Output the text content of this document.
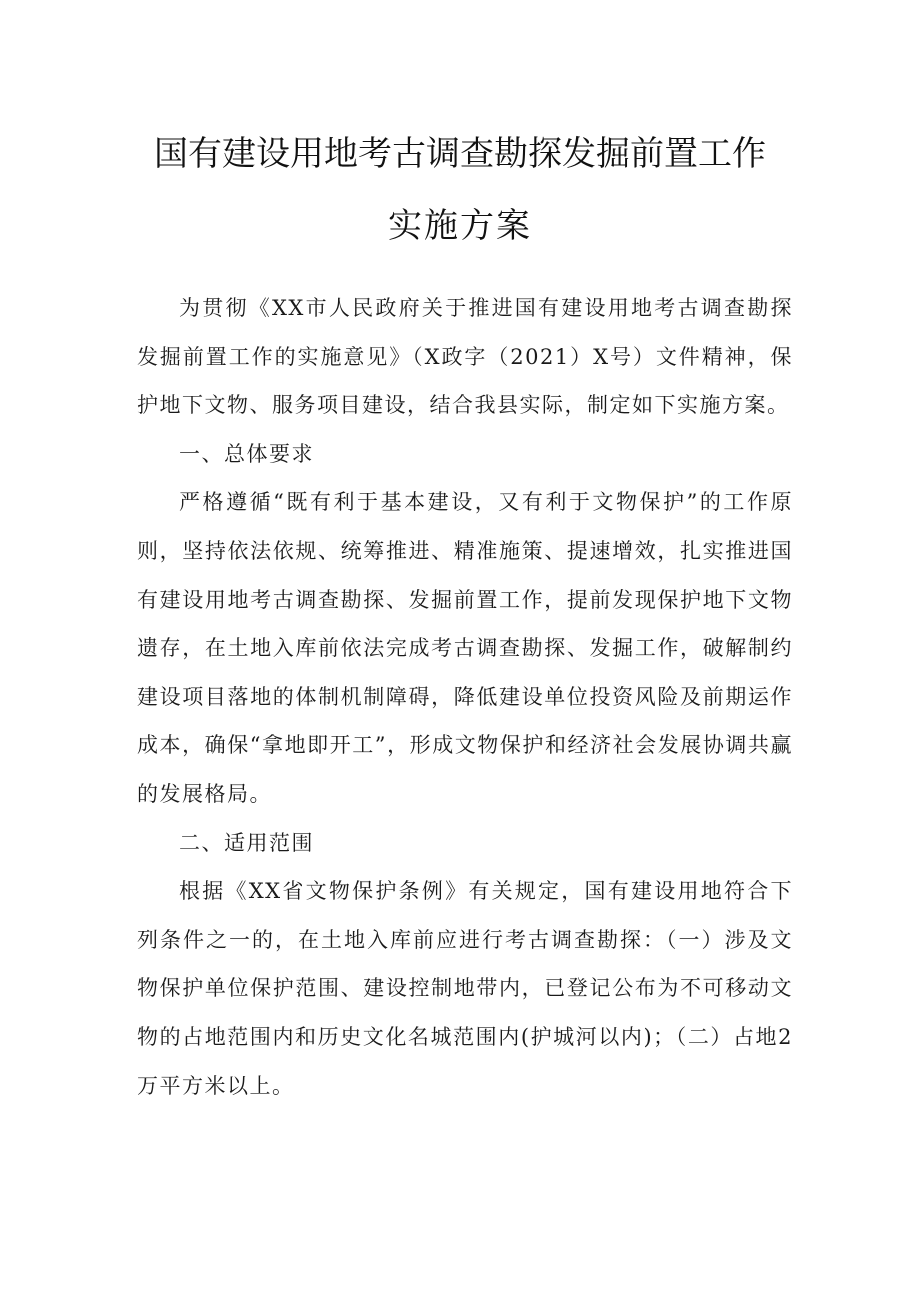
国有建设用地考古调查勘探发掘前置工作
实施方案

为贯彻《XX市人民政府关于推进国有建设用地考古调查勘探发掘前置工作的实施意见》（X政字（2021）X号）文件精神，保护地下文物、服务项目建设，结合我县实际，制定如下实施方案。

一、总体要求

严格遵循“既有利于基本建设，又有利于文物保护”的工作原则，坚持依法依规、统筹推进、精准施策、提速增效，扎实推进国有建设用地考古调查勘探、发掘前置工作，提前发现保护地下文物遗存，在土地入库前依法完成考古调查勘探、发掘工作，破解制约建设项目落地的体制机制障碍，降低建设单位投资风险及前期运作成本，确保“拿地即开工”，形成文物保护和经济社会发展协调共赢的发展格局。

二、适用范围

根据《XX省文物保护条例》有关规定，国有建设用地符合下列条件之一的，在土地入库前应进行考古调查勘探：（一）涉及文物保护单位保护范围、建设控制地带内，已登记公布为不可移动文物的占地范围内和历史文化名城范围内(护城河以内)；（二）占地2万平方米以上。
